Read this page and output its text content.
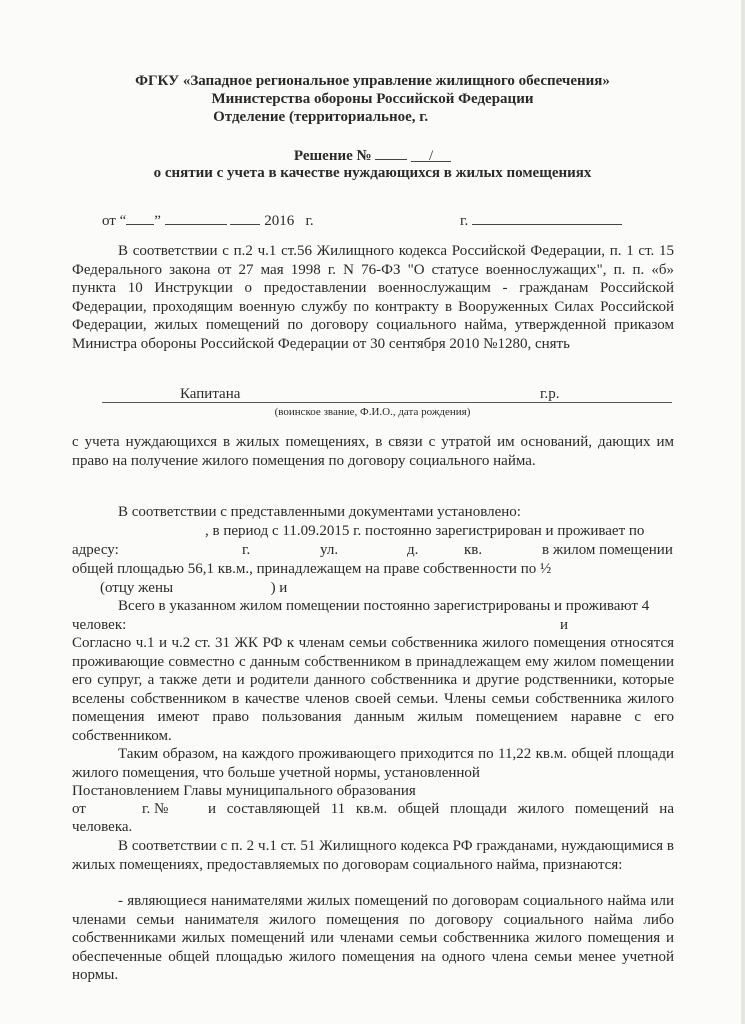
ФГКУ «Западное региональное управление жилищного обеспечения»
Министерства обороны Российской Федерации
Отделение (территориальное, г.
Решение №	/
о снятии с учета в качестве нуждающихся в жилых помещениях
от “ ”	2016 г.	г.
В соответствии с п.2 ч.1 ст.56 Жилищного кодекса Российской Федерации, п. 1 ст. 15 Федерального закона от 27 мая 1998 г. N 76-ФЗ "О статусе военнослужащих", п. п. «б» пункта 10 Инструкции о предоставлении военнослужащим - гражданам Российской Федерации, проходящим военную службу по контракту в Вооруженных Силах Российской Федерации, жилых помещений по договору социального найма, утвержденной приказом Министра обороны Российской Федерации от 30 сентября 2010 №1280, снять
Капитана	г.р.
(воинское звание, Ф.И.О., дата рождения)
с учета нуждающихся в жилых помещениях, в связи с утратой им оснований, дающих им право на получение жилого помещения по договору социального найма.
В соответствии с представленными документами установлено:
, в период с 11.09.2015 г. постоянно зарегистрирован и проживает по
адресу:	г.	ул.	д.	кв.	в жилом помещении
общей площадью 56,1 кв.м., принадлежащем на праве собственности по ½
(отцу жены	) и
Всего в указанном жилом помещении постоянно зарегистрированы и проживают 4
человек:	и
Согласно ч.1 и ч.2 ст. 31 ЖК РФ к членам семьи собственника жилого помещения относятся проживающие совместно с данным собственником в принадлежащем ему жилом помещении его супруг, а также дети и родители данного собственника и другие родственники, которые вселены собственником в качестве членов своей семьи. Члены семьи собственника жилого помещения имеют право пользования данным жилым помещением наравне с его собственником.
Таким образом, на каждого проживающего приходится по 11,22 кв.м. общей площади жилого помещения, что больше учетной нормы, установленной
Постановлением Главы муниципального образования
от	г. №	и составляющей 11 кв.м. общей площади жилого помещений на
человека.
В соответствии с п. 2 ч.1 ст. 51 Жилищного кодекса РФ гражданами, нуждающимися в жилых помещениях, предоставляемых по договорам социального найма, признаются:
- являющиеся нанимателями жилых помещений по договорам социального найма или членами семьи нанимателя жилого помещения по договору социального найма либо собственниками жилых помещений или членами семьи собственника жилого помещения и обеспеченные общей площадью жилого помещения на одного члена семьи менее учетной нормы.
